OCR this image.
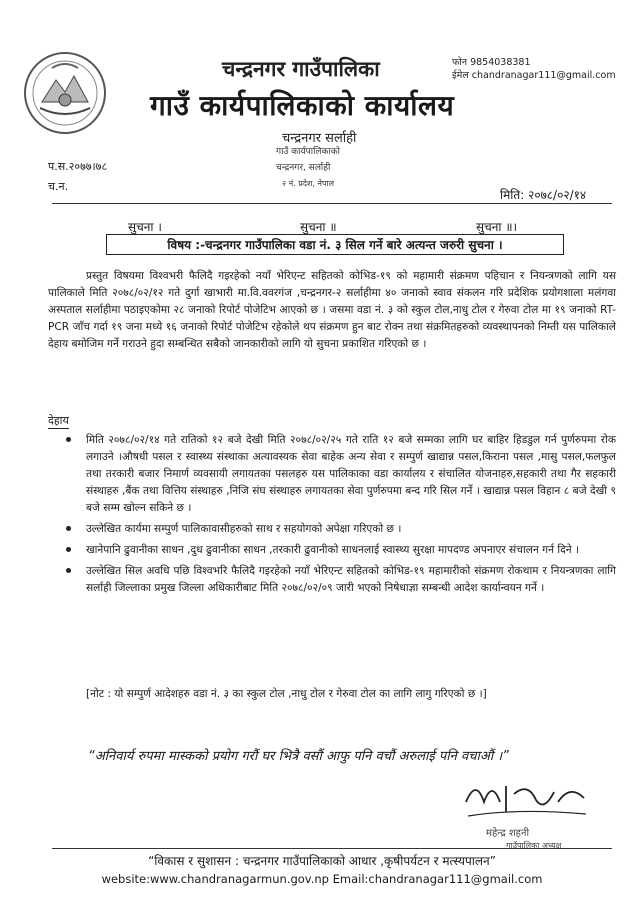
चन्द्रनगर गाउँपालिका
गाउँ कार्यपालिकाको कार्यालय
चन्द्रनगर सर्लाही
फोन 9854038381
ईमेल chandranagar111@gmail.com
गाउँ कार्यपालिकाको
चन्द्रनगर, सर्लाही
२ नं. प्रदेश, नेपाल
प.स.२०७७।७८
च.न.
मिति: २०७८/०२/१४
सुचना ।	सुचना ॥	सुचना ॥।
विषय :-चन्द्रनगर गाउँपालिका वडा नं. ३ सिल गर्ने बारे अत्यन्त जरुरी सुचना ।
प्रस्तुत विषयमा विश्वभरी फैलिदै गइरहेको नयाँ भेरिएन्ट सहितको कोभिड-१९ को महामारी संक्रमण पहिचान र नियन्त्रणको लागि यस पालिकाले मिति २०७८/०२/१२ गते दुर्गा खाभारी मा.वि.ववरगंज ,चन्द्रनगर-२ सर्लाहीमा ४० जनाको स्वाव संकलन गरि प्रदेशिक प्रयोगशाला मलंगवा अस्पताल सर्लाहीमा पठाइएकोमा २८ जनाको रिपोर्ट पोजेटिभ आएको छ । जसमा वडा नं. ३ को स्कुल टोल,नाधु टोल र गेरुवा टोल मा १९ जनाको RT- PCR जाँच गर्दा १९ जना मध्ये १६ जनाको रिपोर्ट पोजेटिभ रहेकोले थप संक्रमण हुन बाट रोक्न तथा संक्रमितहरुको व्यवस्थापनको निम्ती यस पालिकाले देहाय बमोजिम गर्ने गराउने हुदा सम्बन्धित सबैको जानकारीको लागि यो सुचना प्रकाशित गरिएको छ ।
देहाय
मिति २०७८/०२/१४ गते रातिको १२ बजे देखी मिति २०७८/०२/२५ गते राति १२ बजे सम्मका लागि घर बाहिर हिडडुल गर्न पुर्णरुपमा रोक लगाउने ।औषधी पसल र स्वास्थ्य संस्थाका अत्यावस्यक सेवा बाहेक अन्य सेवा र सम्पुर्ण खाद्यान्न पसल,किराना पसल ,मासु पसल,फलफुल तथा तरकारी बजार निमार्ण व्यवसायी लगायतका पसलहरु यस पालिकाका वडा कार्यालय र संचालित योजनाहरु,सहकारी तथा गैर सहकारी संस्थाहरु ,बैंक तथा वित्तिय संस्थाहरु ,निजि संघ संस्थाहरु लगायतका सेवा पुर्णरुपमा बन्द गरि सिल गर्ने । खाद्यान्न पसल विहान ८ बजे देखी ९ बजे सम्म खोल्न सकिने छ ।
उल्लेखित कार्यमा सम्पुर्ण पालिकावासीहरुको साथ र सहयोगको अपेक्षा गरिएको छ ।
खानेपानि ढुवानीका साधन ,दुध ढुवानीका साधन ,तरकारी ढुवानीको साधनलाई स्वास्थ्य सुरक्षा मापदण्ड अपनाएर संचालन गर्न दिने ।
उल्लेखित सिल अवधि पछि विश्वभरि फैलिदै गइरहेको नयाँ भेरिएन्ट सहितको कोभिड-१९ महामारीको संक्रमण रोकथाम र नियन्त्रणका लागि सर्लाही जिल्लाका प्रमुख जिल्ला अधिकारीबाट मिति २०७८/०२/०९ जारी भएको निषेधाज्ञा सम्बन्धी आदेश कार्यान्वयन गर्ने ।
[नोट : यो सम्पुर्ण आदेशहरु वडा नं. ३ का स्कुल टोल ,नाधु टोल र गेरुवा टोल का लागि लागु गरिएको छ ।]
“अनिवार्य रुपमा मास्कको प्रयोग गरौं घर भित्रै वसौं आफु पनि वचौं अरुलाई पनि वचाऔं ।”
महेन्द्र शहनी
गाउँपालिका अध्यक्ष
“विकास र सुशासन : चन्द्रनगर गाउँपालिकाको आधार ,कृषीपर्यटन र मत्स्यपालन”
website:www.chandranagarmun.gov.np Email:chandranagar111@gmail.com
